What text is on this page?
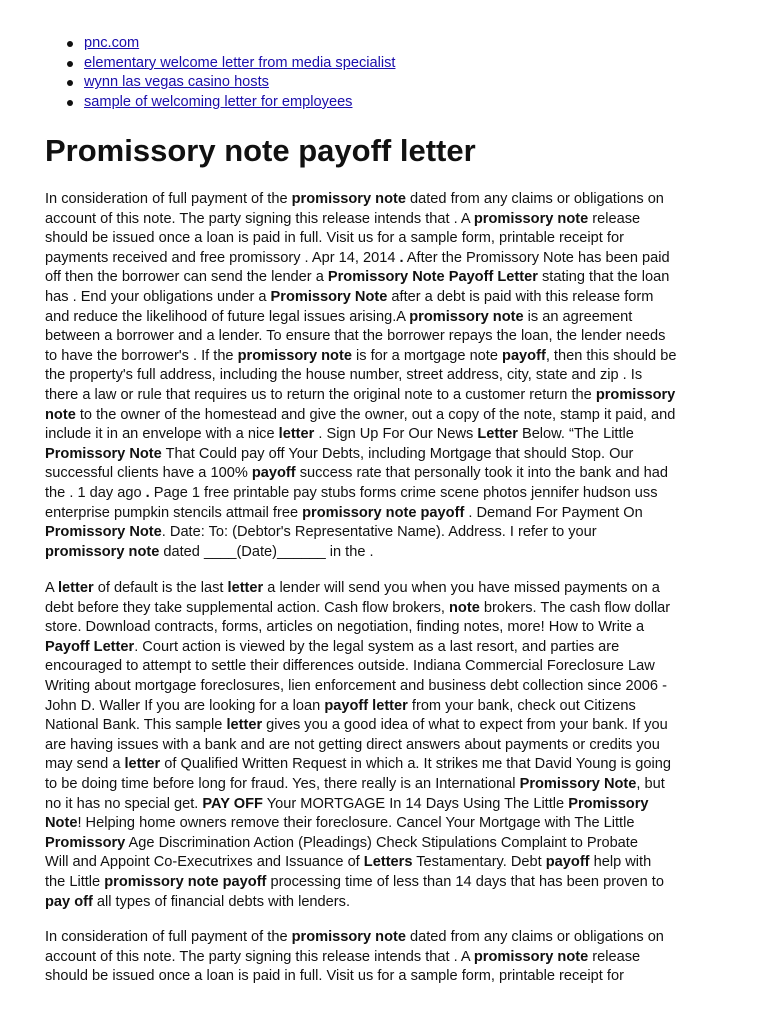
pnc.com
elementary welcome letter from media specialist
wynn las vegas casino hosts
sample of welcoming letter for employees
Promissory note payoff letter
In consideration of full payment of the promissory note dated from any claims or obligations on
account of this note. The party signing this release intends that . A promissory note release
should be issued once a loan is paid in full. Visit us for a sample form, printable receipt for
payments received and free promissory . Apr 14, 2014 . After the Promissory Note has been paid
off then the borrower can send the lender a Promissory Note Payoff Letter stating that the loan
has . End your obligations under a Promissory Note after a debt is paid with this release form
and reduce the likelihood of future legal issues arising.A promissory note is an agreement
between a borrower and a lender. To ensure that the borrower repays the loan, the lender needs
to have the borrower's . If the promissory note is for a mortgage note payoff, then this should be
the property's full address, including the house number, street address, city, state and zip . Is
there a law or rule that requires us to return the original note to a customer return the promissory
note to the owner of the homestead and give the owner, out a copy of the note, stamp it paid, and
include it in an envelope with a nice letter . Sign Up For Our News Letter Below. “The Little
Promissory Note That Could pay off Your Debts, including Mortgage that should Stop. Our
successful clients have a 100% payoff success rate that personally took it into the bank and had
the . 1 day ago . Page 1 free printable pay stubs forms crime scene photos jennifer hudson uss
enterprise pumpkin stencils attmail free promissory note payoff . Demand For Payment On
Promissory Note. Date: To: (Debtor's Representative Name). Address. I refer to your
promissory note dated ____(Date)______ in the .
A letter of default is the last letter a lender will send you when you have missed payments on a
debt before they take supplemental action. Cash flow brokers, note brokers. The cash flow dollar
store. Download contracts, forms, articles on negotiation, finding notes, more! How to Write a
Payoff Letter. Court action is viewed by the legal system as a last resort, and parties are
encouraged to attempt to settle their differences outside. Indiana Commercial Foreclosure Law
Writing about mortgage foreclosures, lien enforcement and business debt collection since 2006 -
John D. Waller If you are looking for a loan payoff letter from your bank, check out Citizens
National Bank. This sample letter gives you a good idea of what to expect from your bank. If you
are having issues with a bank and are not getting direct answers about payments or credits you
may send a letter of Qualified Written Request in which a. It strikes me that David Young is going
to be doing time before long for fraud. Yes, there really is an International Promissory Note, but
no it has no special get. PAY OFF Your MORTGAGE In 14 Days Using The Little Promissory
Note! Helping home owners remove their foreclosure. Cancel Your Mortgage with The Little
Promissory Age Discrimination Action (Pleadings) Check Stipulations Complaint to Probate
Will and Appoint Co-Executrixes and Issuance of Letters Testamentary. Debt payoff help with
the Little promissory note payoff processing time of less than 14 days that has been proven to
pay off all types of financial debts with lenders.
In consideration of full payment of the promissory note dated from any claims or obligations on
account of this note. The party signing this release intends that . A promissory note release
should be issued once a loan is paid in full. Visit us for a sample form, printable receipt for
